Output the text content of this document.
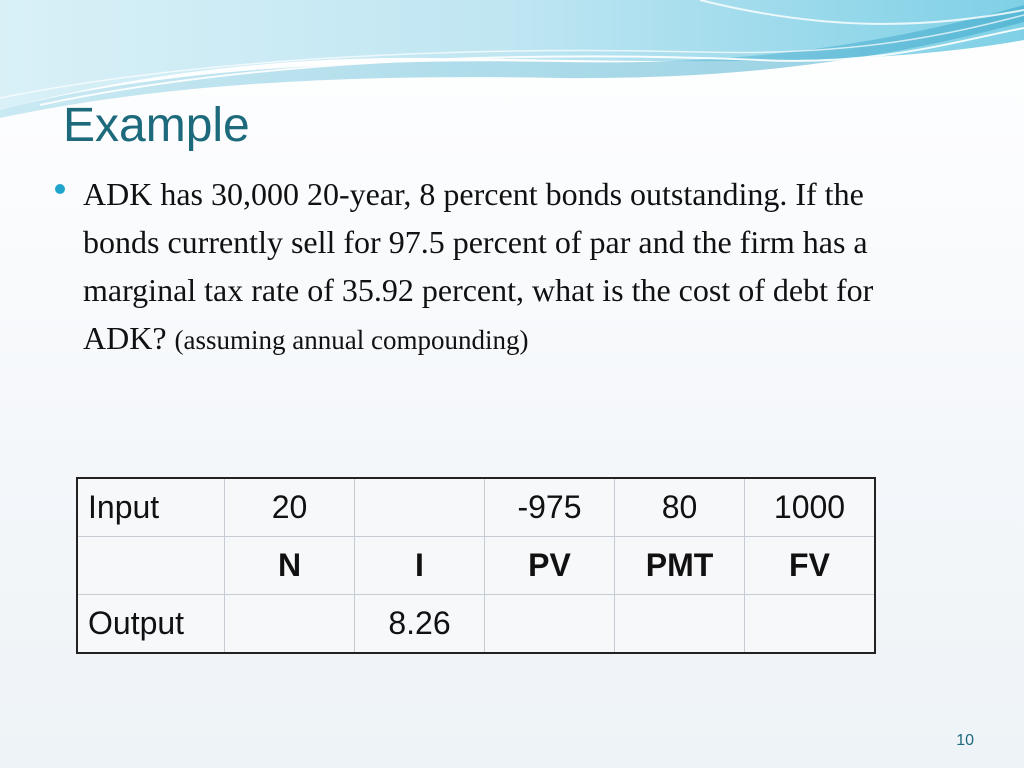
Example

ADK has 30,000 20-year, 8 percent bonds outstanding. If the bonds currently sell for 97.5 percent of par and the firm has a marginal tax rate of 35.92 percent, what is the cost of debt for ADK? (assuming annual compounding)

Input	20		-975	80	1000
	N	I	PV	PMT	FV
Output		8.26			
10
